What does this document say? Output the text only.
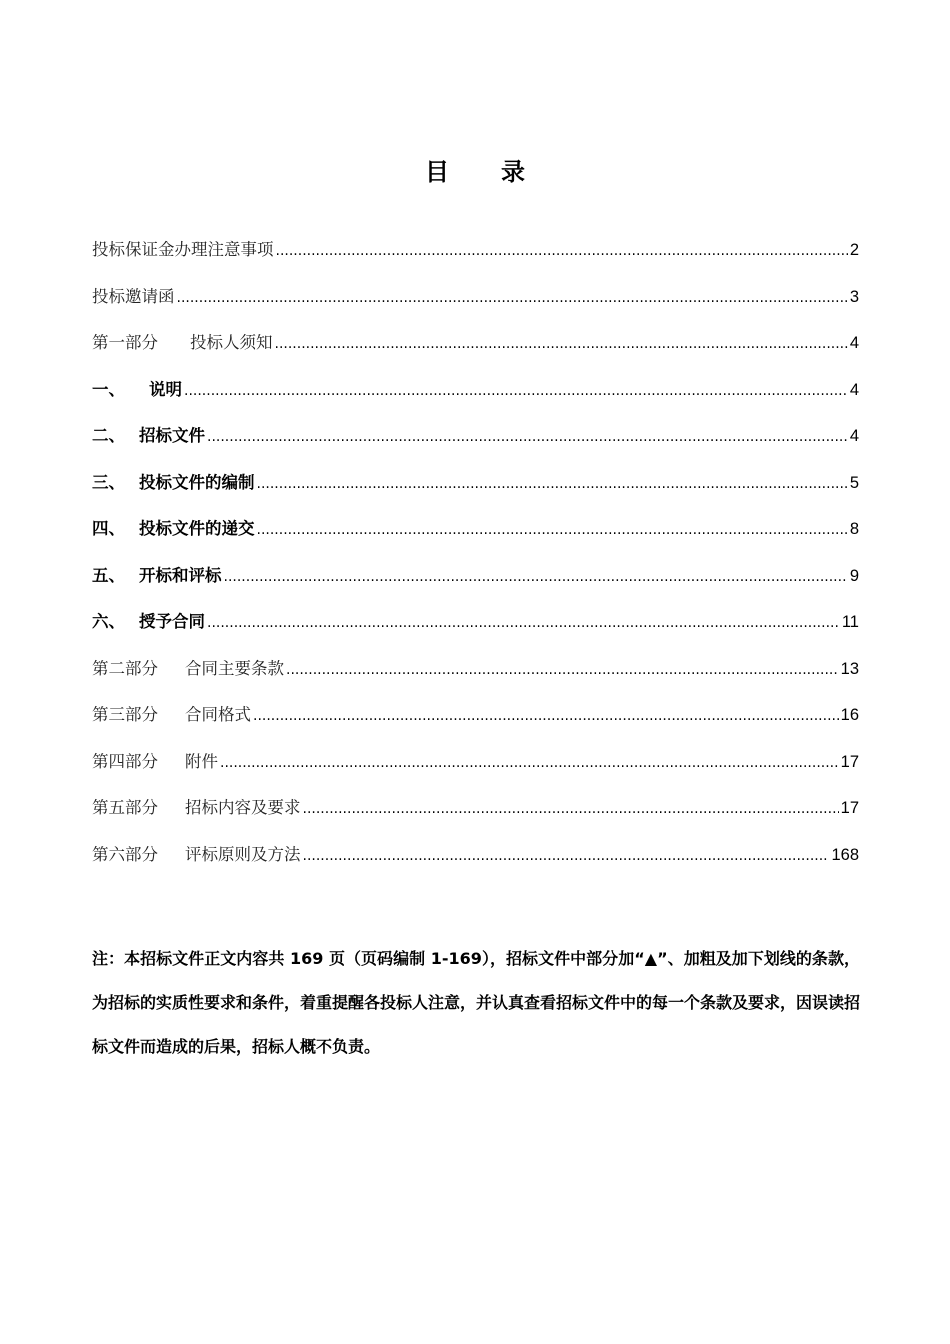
目 录
投标保证金办理注意事项 .....	2
投标邀请函 .....	3
第一部分 投标人须知 .....	4
一、 说明 .....	4
二、 招标文件 .....	4
三、 投标文件的编制 .....	5
四、 投标文件的递交 .....	8
五、 开标和评标 .....	9
六、 授予合同 .....	11
第二部分 合同主要条款 .....	13
第三部分 合同格式 .....	16
第四部分 附件 .....	17
第五部分 招标内容及要求 .....	17
第六部分 评标原则及方法 .....	168
注：本招标文件正文内容共 169 页（页码编制 1-169），招标文件中部分加“▲”、加粗及加下划线的条款，为招标的实质性要求和条件，着重提醒各投标人注意，并认真查看招标文件中的每一个条款及要求，因误读招标文件而造成的后果，招标人概不负责。
